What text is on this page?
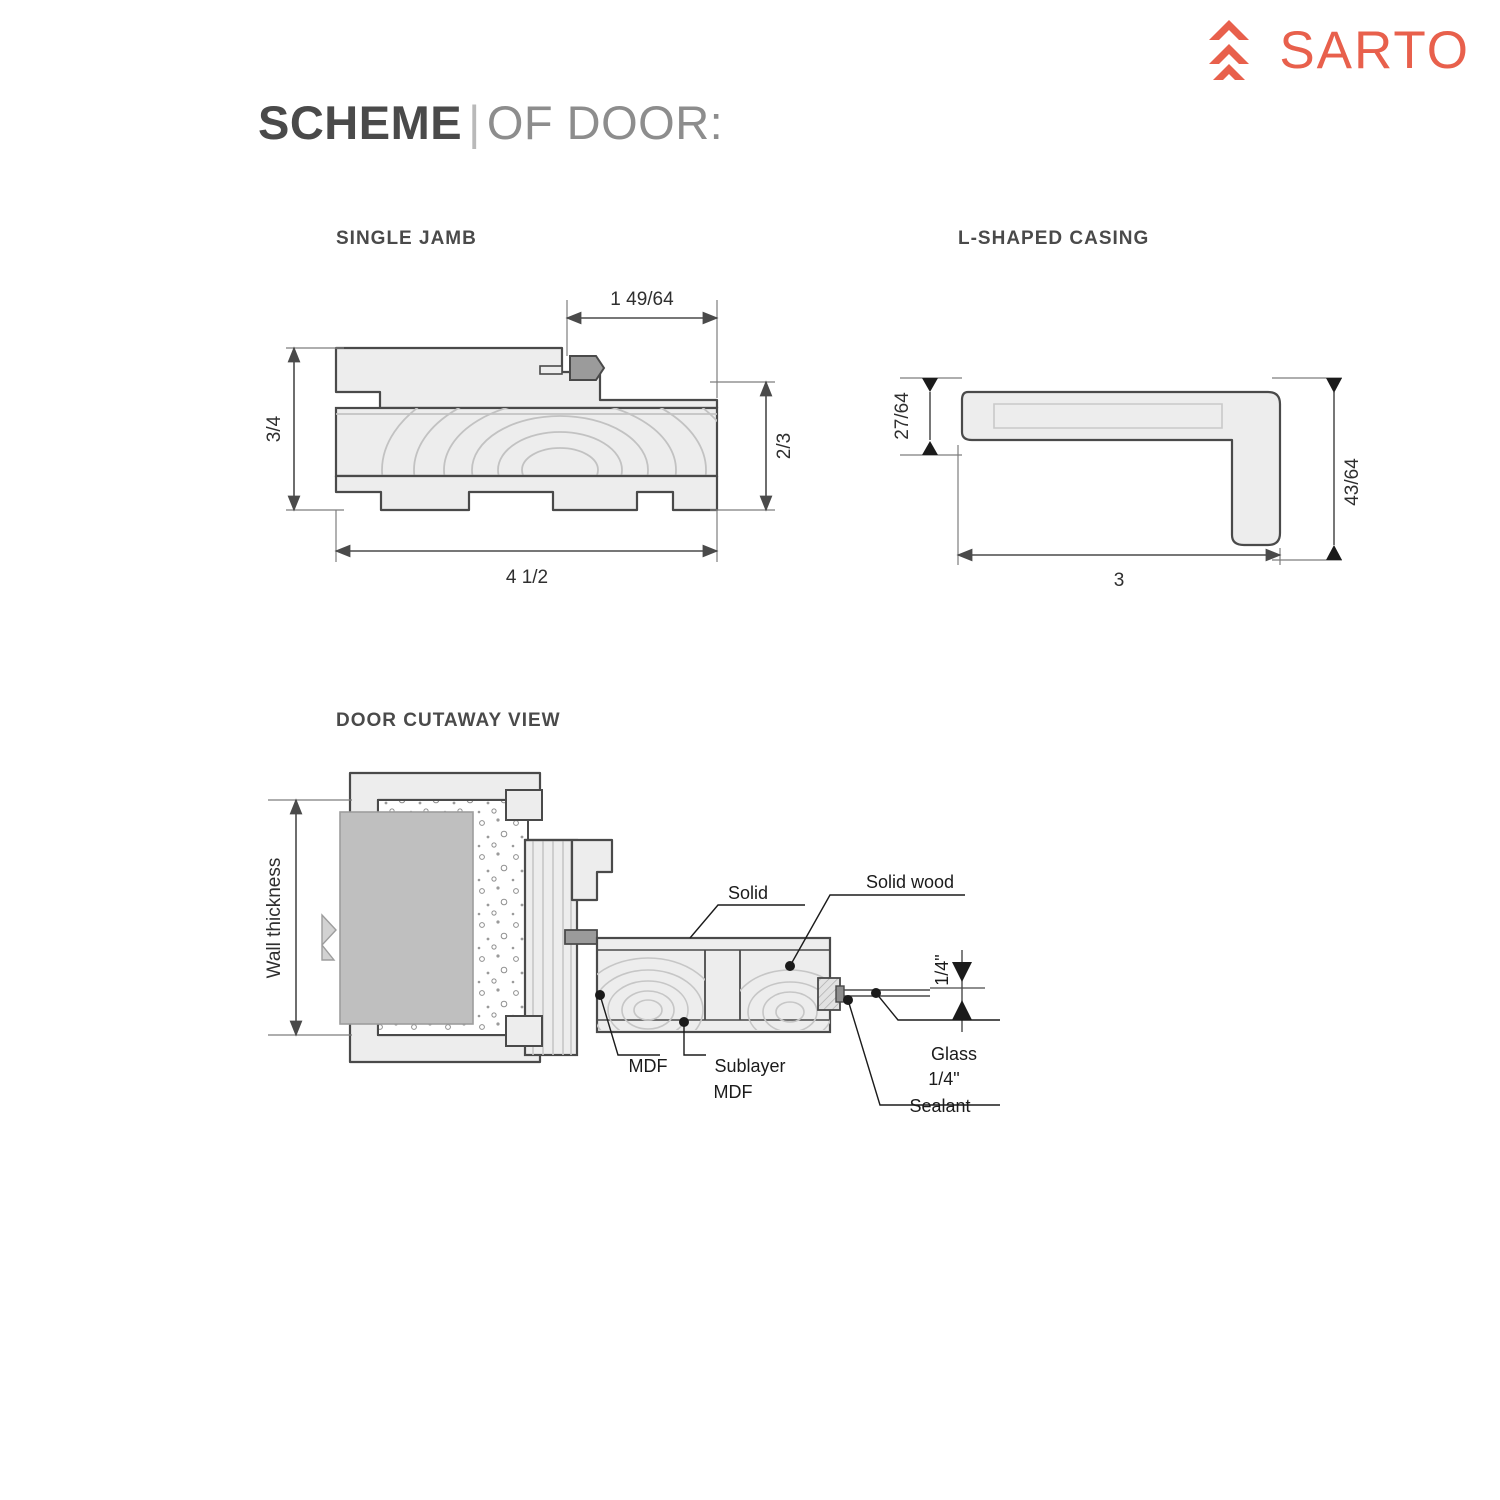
SARTO
SCHEME | OF DOOR:
SINGLE JAMB	L-SHAPED CASING
DOOR CUTAWAY VIEW
1 49/64
3/4
2/3
4 1/2
27/64
43/64
3
1/4"
Wall thickness	Solid
Solid wood
MDF	Sublayer
MDF
Glass
1/4"
Sealant
